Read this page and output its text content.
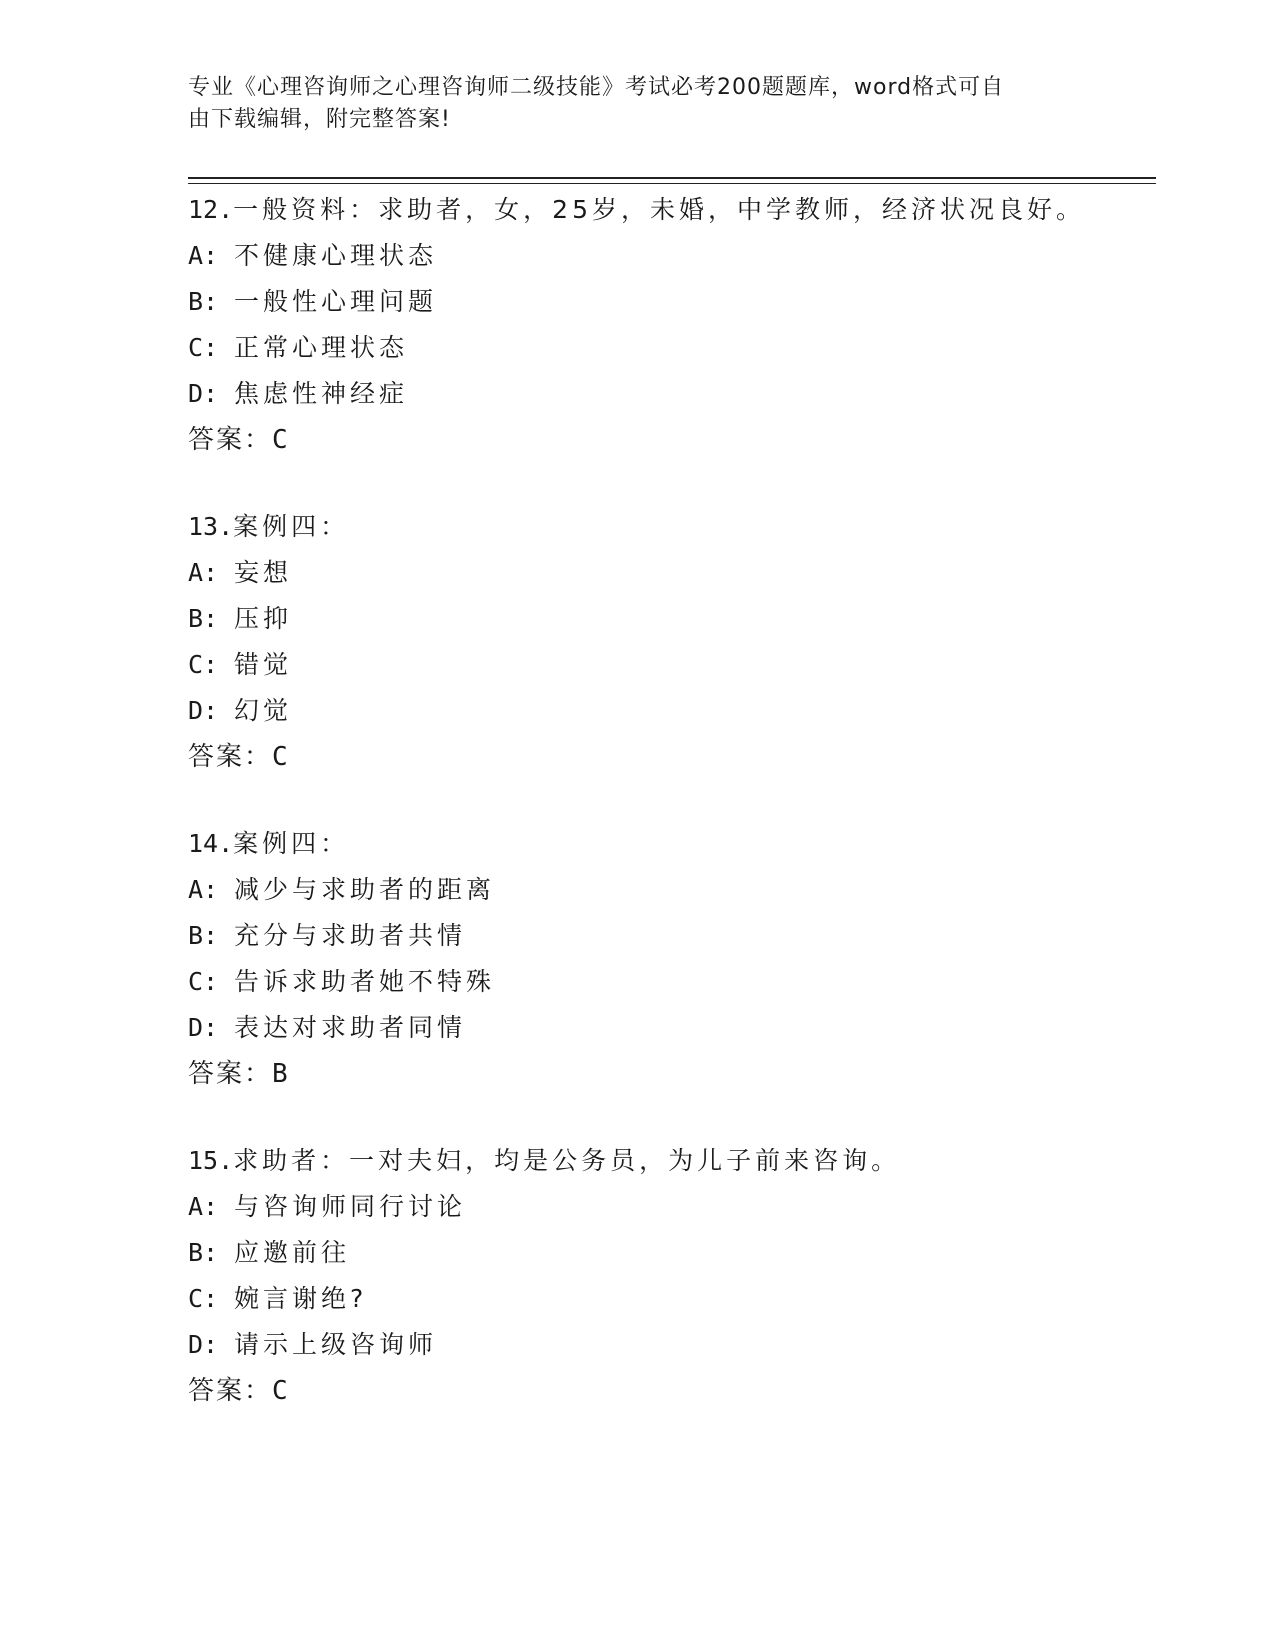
专业《心理咨询师之心理咨询师二级技能》考试必考200题题库，word格式可自
由下载编辑，附完整答案!
12.一般资料：求助者，女，25岁，未婚，中学教师，经济状况良好。
A: 不健康心理状态
B: 一般性心理问题
C: 正常心理状态
D: 焦虑性神经症
答案：C
13.案例四：
A: 妄想
B: 压抑
C: 错觉
D: 幻觉
答案：C
14.案例四：
A: 减少与求助者的距离
B: 充分与求助者共情
C: 告诉求助者她不特殊
D: 表达对求助者同情
答案：B
15.求助者：一对夫妇，均是公务员，为儿子前来咨询。
A: 与咨询师同行讨论
B: 应邀前往
C: 婉言谢绝?
D: 请示上级咨询师
答案：C
